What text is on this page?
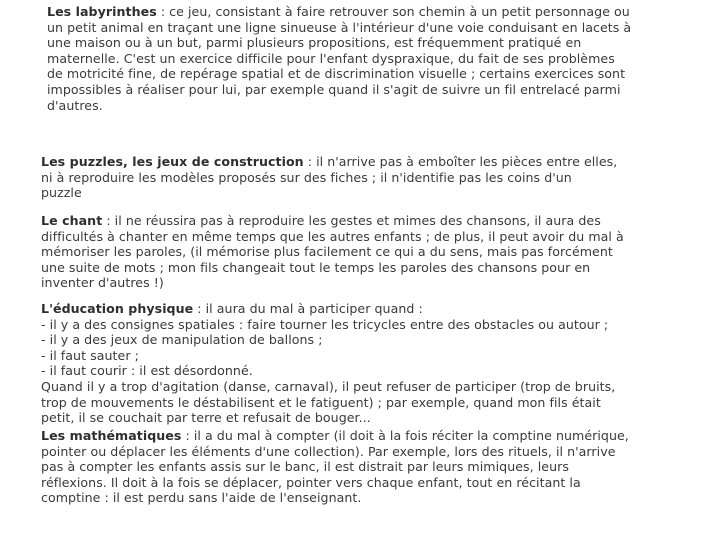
Les labyrinthes : ce jeu, consistant à faire retrouver son chemin à un petit personnage ou
un petit animal en traçant une ligne sinueuse à l'intérieur d'une voie conduisant en lacets à
une maison ou à un but, parmi plusieurs propositions, est fréquemment pratiqué en
maternelle. C'est un exercice difficile pour l'enfant dyspraxique, du fait de ses problèmes
de motricité fine, de repérage spatial et de discrimination visuelle ; certains exercices sont
impossibles à réaliser pour lui, par exemple quand il s'agit de suivre un fil entrelacé parmi
d'autres.
Les puzzles, les jeux de construction : il n'arrive pas à emboîter les pièces entre elles,
ni à reproduire les modèles proposés sur des fiches ; il n'identifie pas les coins d'un
puzzle
Le chant : il ne réussira pas à reproduire les gestes et mimes des chansons, il aura des
difficultés à chanter en même temps que les autres enfants ; de plus, il peut avoir du mal à
mémoriser les paroles, (il mémorise plus facilement ce qui a du sens, mais pas forcément
une suite de mots ; mon fils changeait tout le temps les paroles des chansons pour en
inventer d'autres !)
L'éducation physique : il aura du mal à participer quand :
- il y a des consignes spatiales : faire tourner les tricycles entre des obstacles ou autour ;
- il y a des jeux de manipulation de ballons ;
- il faut sauter ;
- il faut courir : il est désordonné.
Quand il y a trop d'agitation (danse, carnaval), il peut refuser de participer (trop de bruits,
trop de mouvements le déstabilisent et le fatiguent) ; par exemple, quand mon fils était
petit, il se couchait par terre et refusait de bouger...
Les mathématiques : il a du mal à compter (il doit à la fois réciter la comptine numérique,
pointer ou déplacer les éléments d'une collection). Par exemple, lors des rituels, il n'arrive
pas à compter les enfants assis sur le banc, il est distrait par leurs mimiques, leurs
réflexions. Il doit à la fois se déplacer, pointer vers chaque enfant, tout en récitant la
comptine : il est perdu sans l'aide de l'enseignant.
